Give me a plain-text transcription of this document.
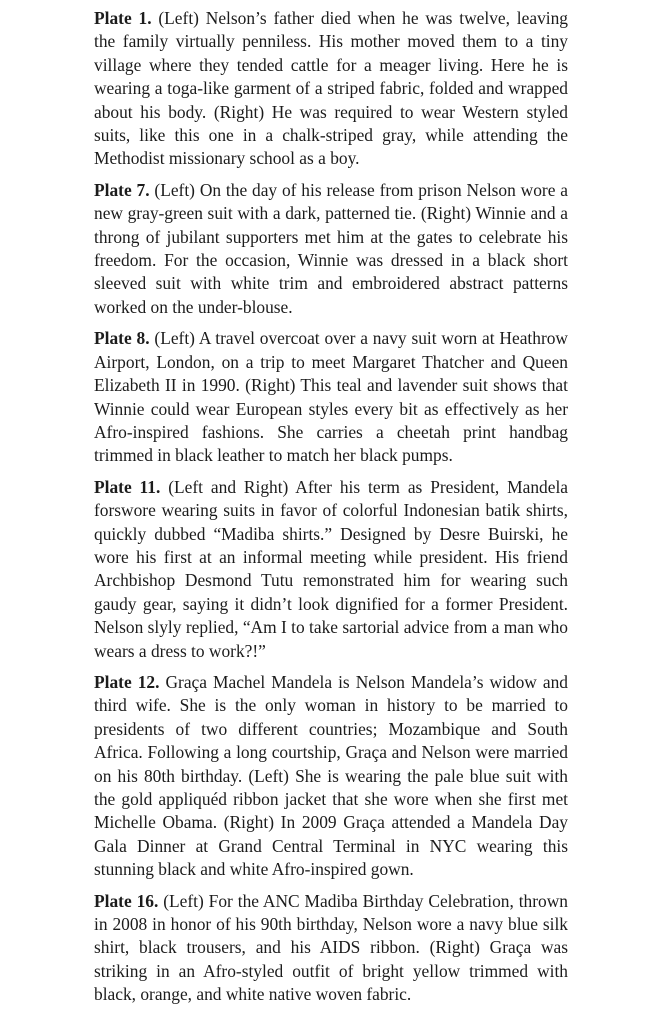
Plate 1. (Left) Nelson’s father died when he was twelve, leaving the family virtually penniless. His mother moved them to a tiny village where they tended cattle for a meager living. Here he is wearing a toga-like garment of a striped fabric, folded and wrapped about his body. (Right) He was required to wear Western styled suits, like this one in a chalk-striped gray, while attending the Methodist missionary school as a boy.

Plate 7. (Left) On the day of his release from prison Nelson wore a new gray-green suit with a dark, patterned tie. (Right) Winnie and a throng of jubilant supporters met him at the gates to celebrate his freedom. For the occasion, Winnie was dressed in a black short sleeved suit with white trim and embroidered abstract patterns worked on the under-blouse.

Plate 8. (Left) A travel overcoat over a navy suit worn at Heathrow Airport, London, on a trip to meet Margaret Thatcher and Queen Elizabeth II in 1990. (Right) This teal and lavender suit shows that Winnie could wear European styles every bit as effectively as her Afro-inspired fashions. She carries a cheetah print handbag trimmed in black leather to match her black pumps.

Plate 11. (Left and Right) After his term as President, Mandela forswore wearing suits in favor of colorful Indonesian batik shirts, quickly dubbed “Madiba shirts.” Designed by Desre Buirski, he wore his first at an informal meeting while president. His friend Archbishop Desmond Tutu remonstrated him for wearing such gaudy gear, saying it didn’t look dignified for a former President. Nelson slyly replied, “Am I to take sartorial advice from a man who wears a dress to work?!”

Plate 12. Graça Machel Mandela is Nelson Mandela’s widow and third wife. She is the only woman in history to be married to presidents of two different countries; Mozambique and South Africa. Following a long courtship, Graça and Nelson were married on his 80th birthday. (Left) She is wearing the pale blue suit with the gold appliquéd ribbon jacket that she wore when she first met Michelle Obama. (Right) In 2009 Graça attended a Mandela Day Gala Dinner at Grand Central Terminal in NYC wearing this stunning black and white Afro-inspired gown.

Plate 16. (Left) For the ANC Madiba Birthday Celebration, thrown in 2008 in honor of his 90th birthday, Nelson wore a navy blue silk shirt, black trousers, and his AIDS ribbon. (Right) Graça was striking in an Afro-styled outfit of bright yellow trimmed with black, orange, and white native woven fabric.
